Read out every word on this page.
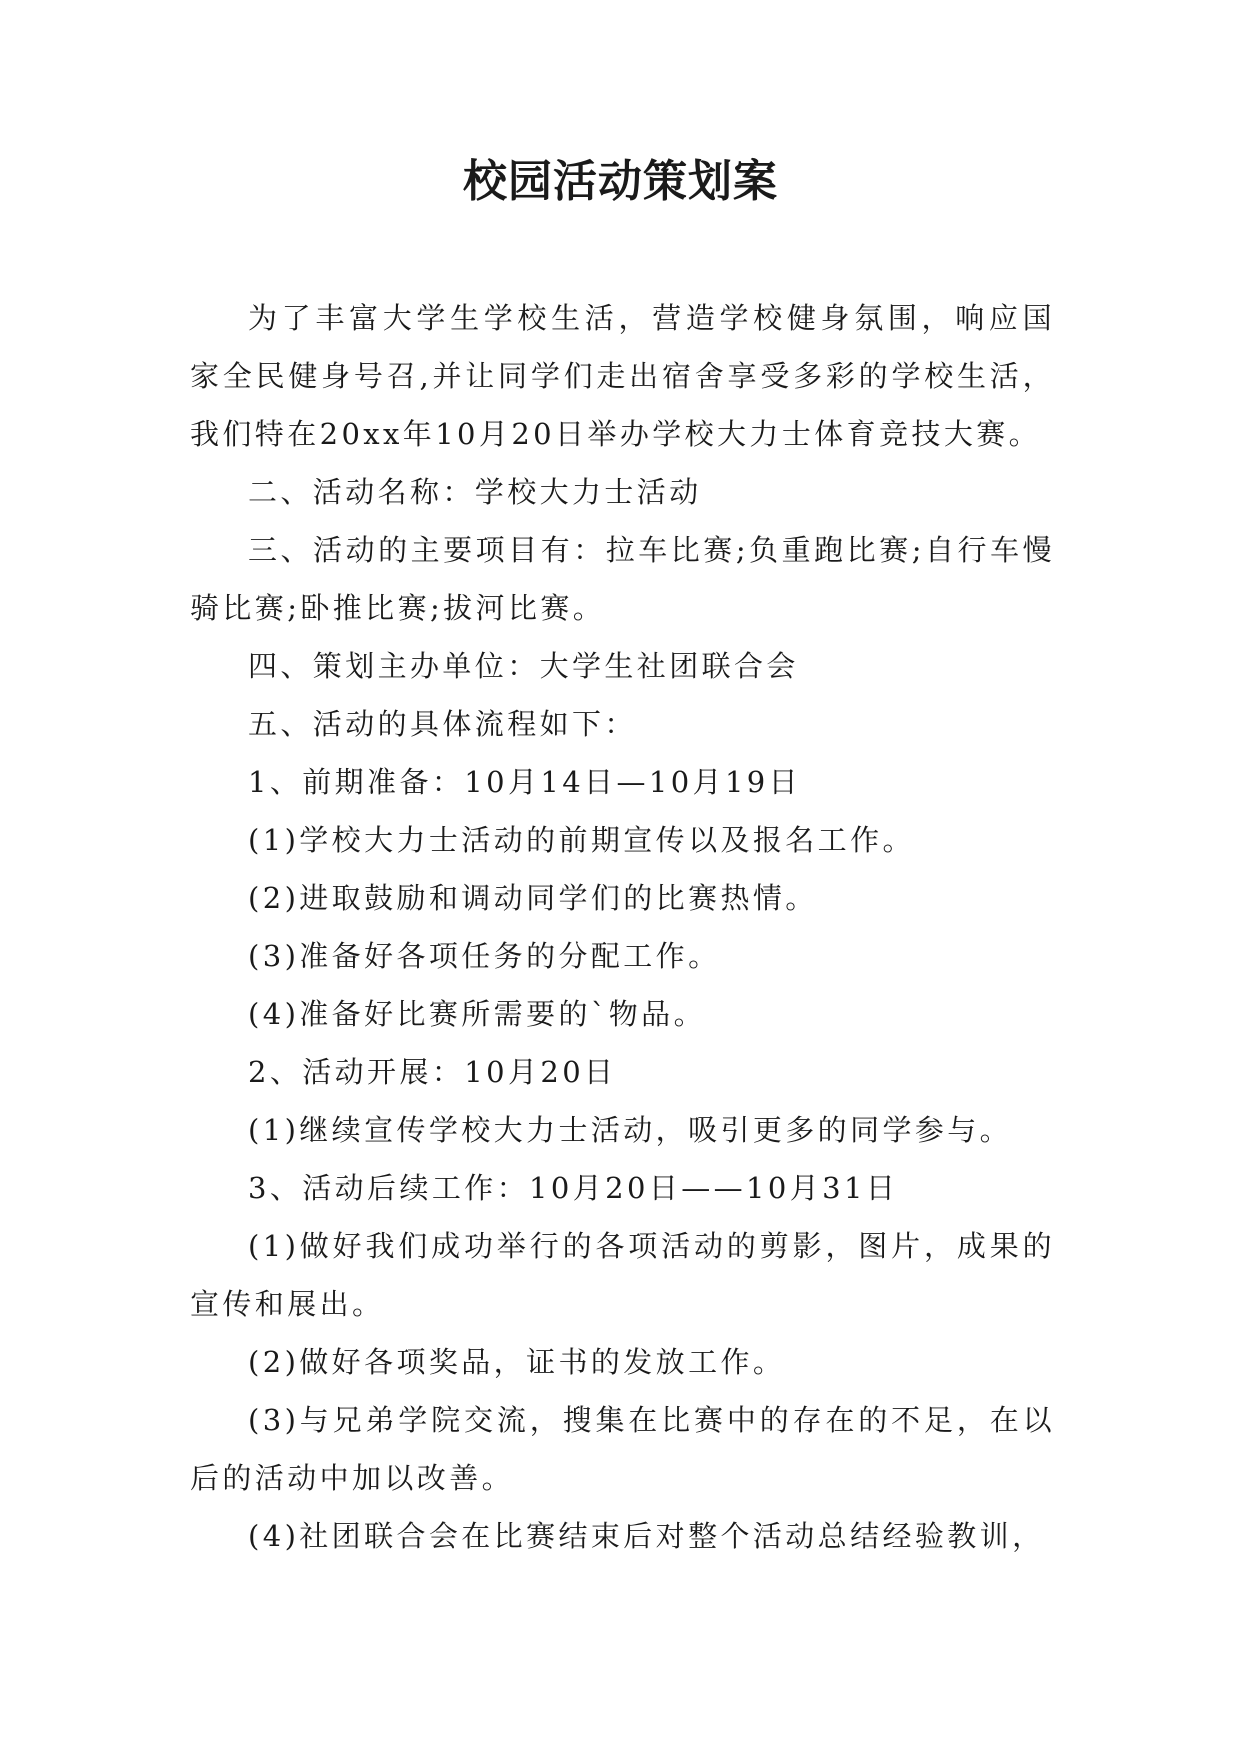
校园活动策划案

为了丰富大学生学校生活，营造学校健身氛围，响应国家全民健身号召,并让同学们走出宿舍享受多彩的学校生活，我们特在20xx年10月20日举办学校大力士体育竞技大赛。

二、活动名称：学校大力士活动

三、活动的主要项目有：拉车比赛;负重跑比赛;自行车慢骑比赛;卧推比赛;拔河比赛。

四、策划主办单位：大学生社团联合会

五、活动的具体流程如下：

1、前期准备：10月14日—10月19日

(1)学校大力士活动的前期宣传以及报名工作。

(2)进取鼓励和调动同学们的比赛热情。

(3)准备好各项任务的分配工作。

(4)准备好比赛所需要的`物品。

2、活动开展：10月20日

(1)继续宣传学校大力士活动，吸引更多的同学参与。

3、活动后续工作：10月20日——10月31日

(1)做好我们成功举行的各项活动的剪影，图片，成果的宣传和展出。

(2)做好各项奖品，证书的发放工作。

(3)与兄弟学院交流，搜集在比赛中的存在的不足，在以后的活动中加以改善。

(4)社团联合会在比赛结束后对整个活动总结经验教训，
